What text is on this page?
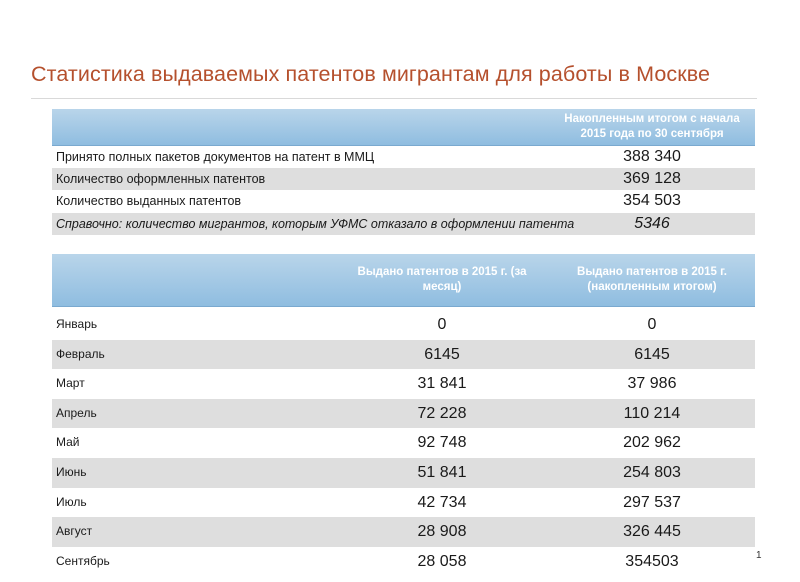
Статистика выдаваемых патентов мигрантам для работы в Москве
Накопленным итогом с начала 2015 года по 30 сентября
Принято полных пакетов документов на патент в ММЦ	388 340
Количество оформленных патентов	369 128
Количество выданных патентов	354 503
Справочно: количество мигрантов, которым УФМС отказало в оформлении патента	5346
Выдано патентов в 2015 г. (за месяц)
Выдано патентов в 2015 г. (накопленным итогом)
Январь	0	0
Февраль	6145	6145
Март	31 841	37 986
Апрель	72 228	110 214
Май	92 748	202 962
Июнь	51 841	254 803
Июль	42 734	297 537
Август	28 908	326 445
Сентябрь	28 058	354503	1
